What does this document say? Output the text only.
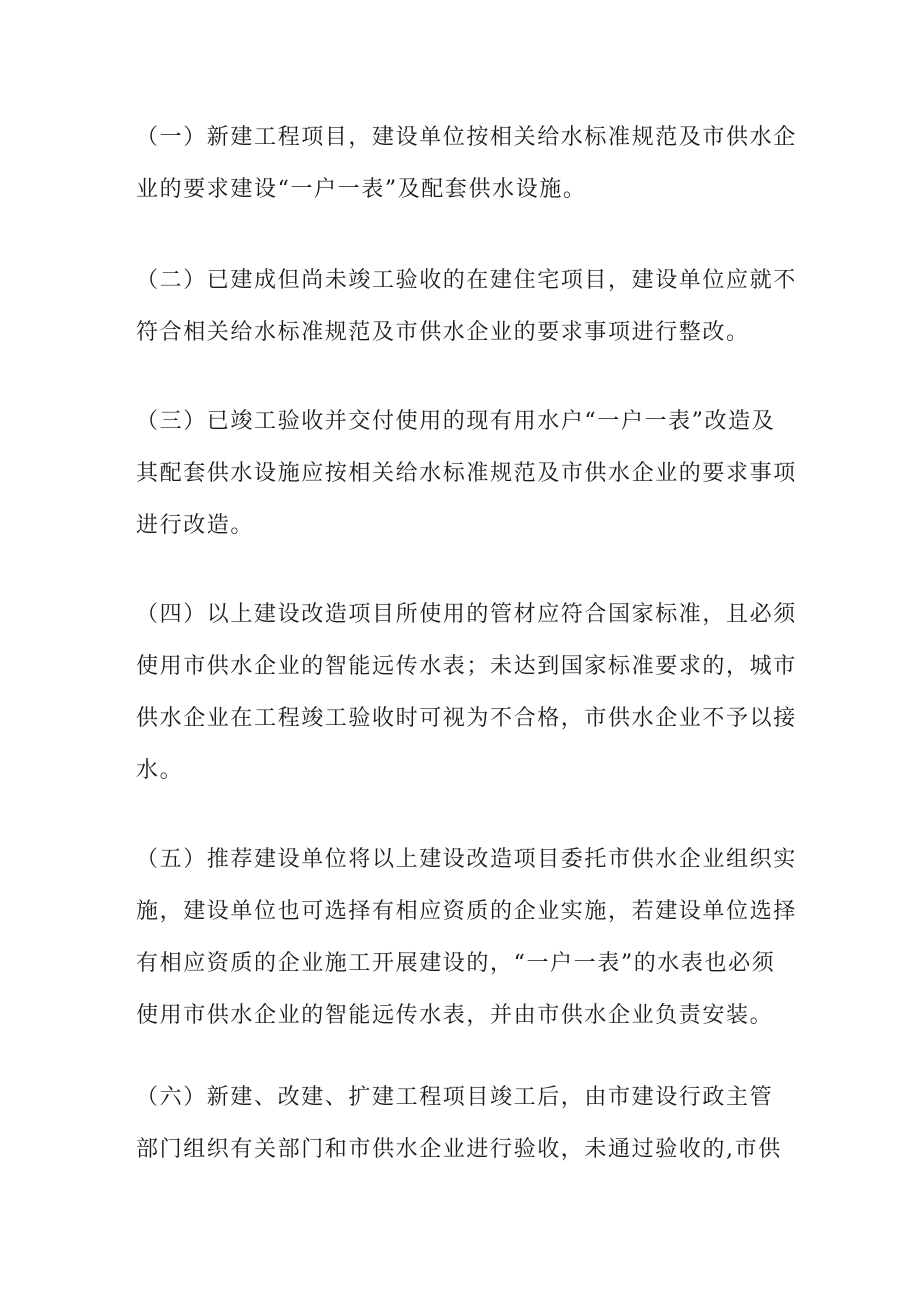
（一）新建工程项目，建设单位按相关给水标准规范及市供水企
业的要求建设“一户一表”及配套供水设施。

（二）已建成但尚未竣工验收的在建住宅项目，建设单位应就不
符合相关给水标准规范及市供水企业的要求事项进行整改。

（三）已竣工验收并交付使用的现有用水户“一户一表”改造及
其配套供水设施应按相关给水标准规范及市供水企业的要求事项
进行改造。

（四）以上建设改造项目所使用的管材应符合国家标准，且必须
使用市供水企业的智能远传水表；未达到国家标准要求的，城市
供水企业在工程竣工验收时可视为不合格，市供水企业不予以接
水。

（五）推荐建设单位将以上建设改造项目委托市供水企业组织实
施，建设单位也可选择有相应资质的企业实施，若建设单位选择
有相应资质的企业施工开展建设的，“一户一表”的水表也必须
使用市供水企业的智能远传水表，并由市供水企业负责安装。

（六）新建、改建、扩建工程项目竣工后，由市建设行政主管
部门组织有关部门和市供水企业进行验收，未通过验收的,市供
